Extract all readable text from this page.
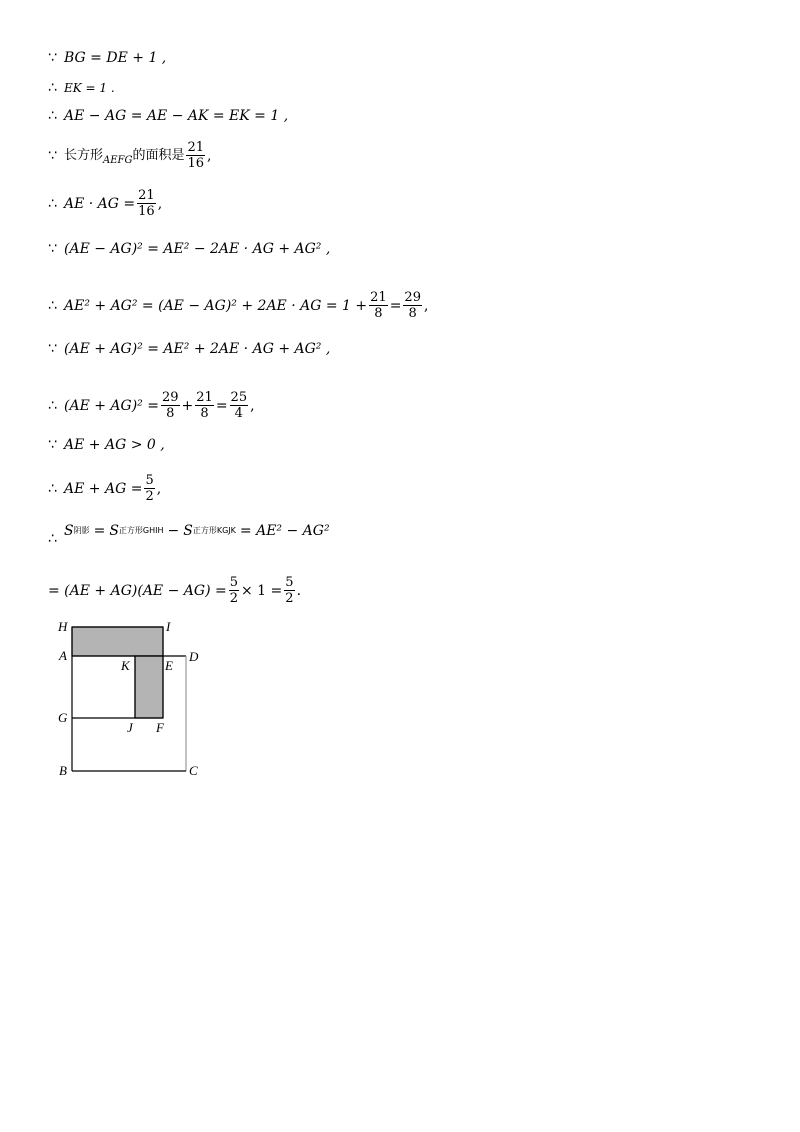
∵ BG = DE + 1 ,
∴ EK = 1 .
∴ AE − AG = AE − AK = EK = 1 ,
∵ 长方形 AEFG 的面积是 $\frac{21}{16}$ ,
∴ AE · AG = $\frac{21}{16}$ ,
∵ (AE − AG)² = AE² − 2AE · AG + AG² ,
∴ AE² + AG² = (AE − AG)² + 2AE · AG = $1 + \frac{21}{8} = \frac{29}{8}$ ,
∵ (AE + AG)² = AE² + 2AE · AG + AG² ,
∴ $(AE + AG)^2 = \frac{29}{8} + \frac{21}{8} = \frac{25}{4}$ ,
∵ AE + AG > 0 ,
∴ AE + AG = $\frac{5}{2}$ ,
∴ S 阴影 = S 正方形GHIH − S 正方形KGJK = AE² − AG²
= $(AE + AG)(AE - AG) = \frac{5}{2} \times 1 = \frac{5}{2}$ .
H	I
A
K	E
D
G
J F
B	C
